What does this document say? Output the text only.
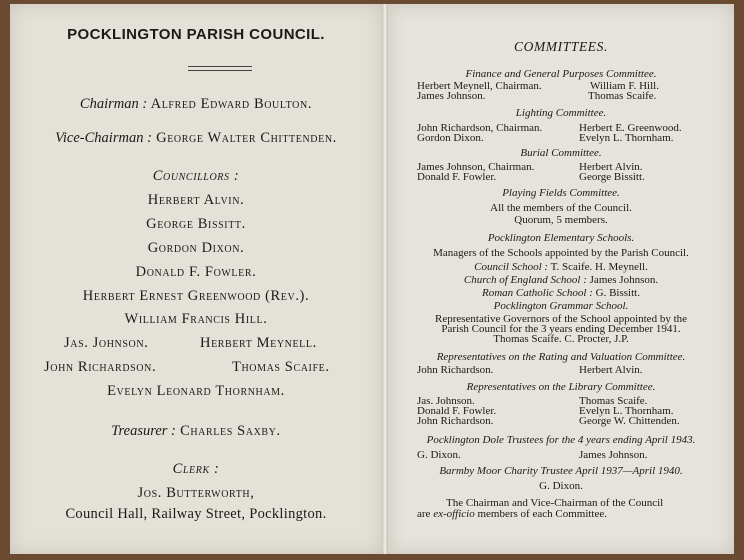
POCKLINGTON PARISH COUNCIL.
Chairman : Alfred Edward Boulton.
Vice-Chairman : George Walter Chittenden.
Councillors :
Herbert Alvin.
George Bissitt.
Gordon Dixon.
Donald F. Fowler.
Herbert Ernest Greenwood (Rev.).
William Francis Hill.
Jas. Johnson.	Herbert Meynell.
John Richardson.	Thomas Scaife.
Evelyn Leonard Thornham.
Treasurer : Charles Saxby.
Clerk :
Jos. Butterworth,
Council Hall, Railway Street, Pocklington.
COMMITTEES.
Finance and General Purposes Committee.
Herbert Meynell, Chairman.	William F. Hill.
James Johnson.	Thomas Scaife.
Lighting Committee.
John Richardson, Chairman.	Herbert E. Greenwood.
Gordon Dixon.	Evelyn L. Thornham.
Burial Committee.
James Johnson, Chairman.	Herbert Alvin.
Donald F. Fowler.	George Bissitt.
Playing Fields Committee.
All the members of the Council.
Quorum, 5 members.
Pocklington Elementary Schools.
Managers of the Schools appointed by the Parish Council.
Council School : T. Scaife. H. Meynell.
Church of England School : James Johnson.
Roman Catholic School : G. Bissitt.
Pocklington Grammar School.
Representative Governors of the School appointed by the
Parish Council for the 3 years ending December 1941.
Thomas Scaife. C. Procter, J.P.
Representatives on the Rating and Valuation Committee.
John Richardson.	Herbert Alvin.
Representatives on the Library Committee.
Jas. Johnson.	Thomas Scaife.
Donald F. Fowler.	Evelyn L. Thornham.
John Richardson.	George W. Chittenden.
Pocklington Dole Trustees for the 4 years ending April 1943.
G. Dixon.	James Johnson.
Barmby Moor Charity Trustee April 1937—April 1940.
G. Dixon.
The Chairman and Vice-Chairman of the Council
are ex-officio members of each Committee.
